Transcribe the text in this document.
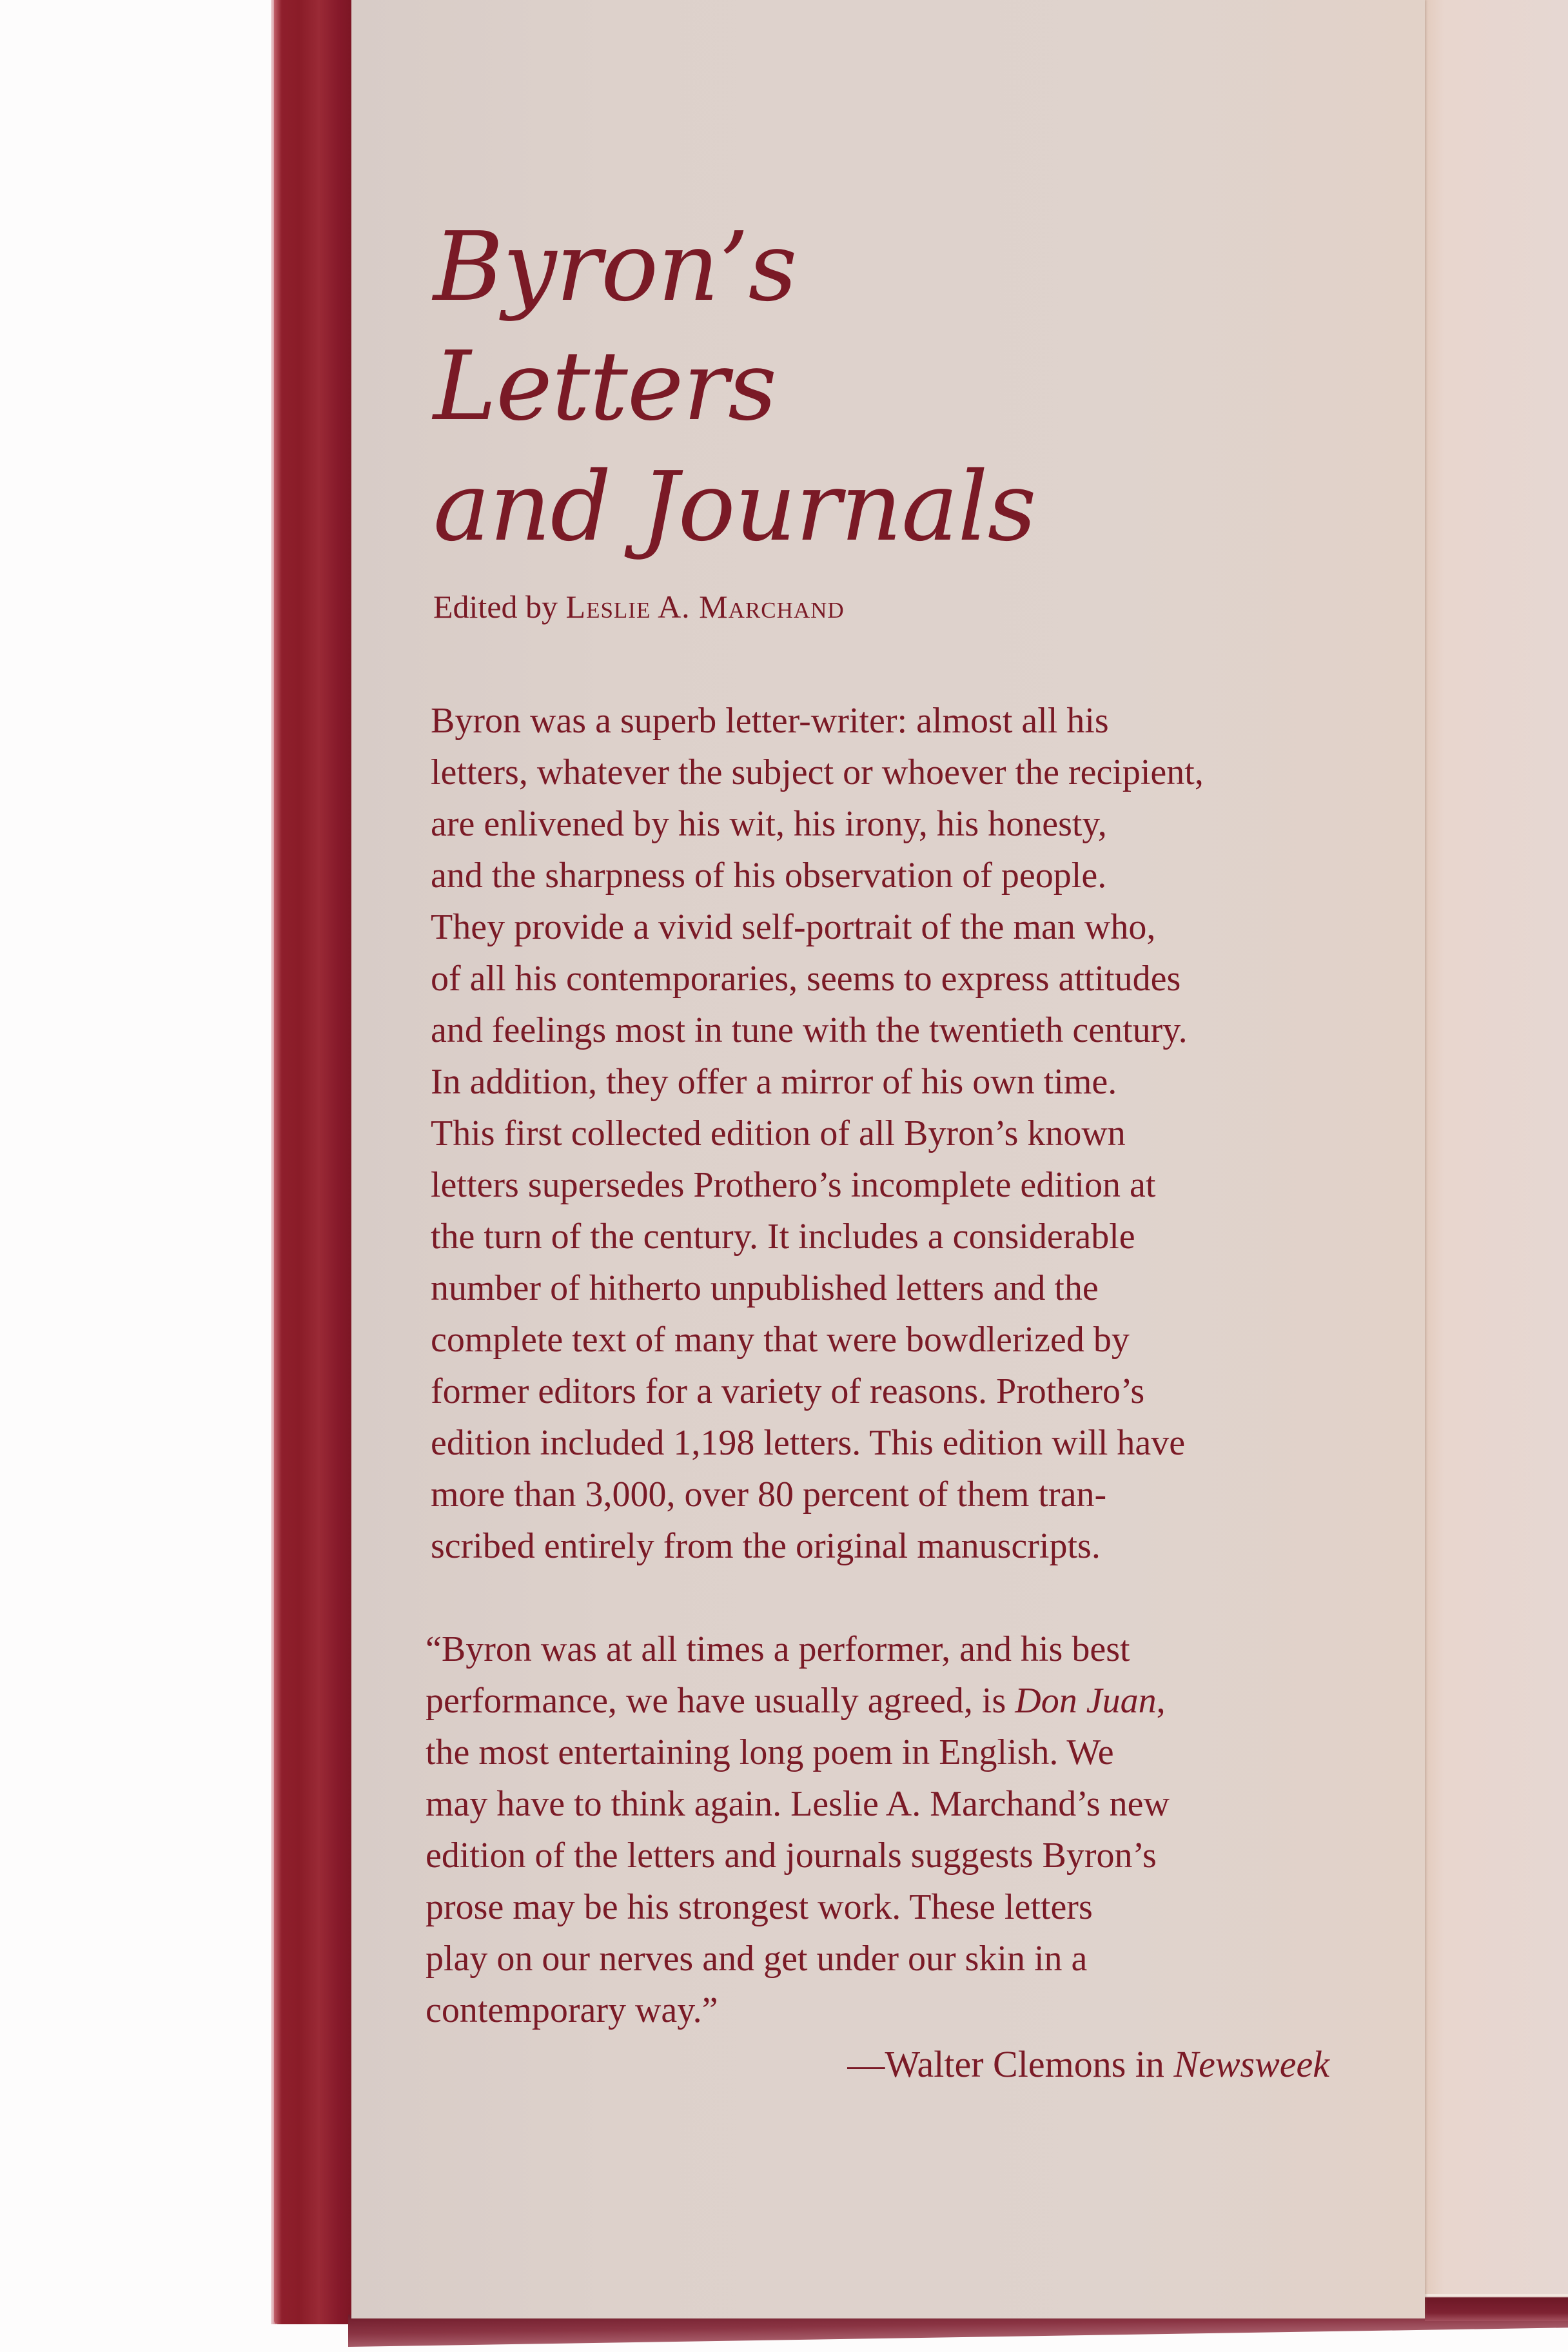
Byron’s
Letters
and Journals
Edited by Leslie A. Marchand
Byron was a superb letter-writer: almost all his
letters, whatever the subject or whoever the recipient,
are enlivened by his wit, his irony, his honesty,
and the sharpness of his observation of people.
They provide a vivid self-portrait of the man who,
of all his contemporaries, seems to express attitudes
and feelings most in tune with the twentieth century.
In addition, they offer a mirror of his own time.
This first collected edition of all Byron’s known
letters supersedes Prothero’s incomplete edition at
the turn of the century. It includes a considerable
number of hitherto unpublished letters and the
complete text of many that were bowdlerized by
former editors for a variety of reasons. Prothero’s
edition included 1,198 letters. This edition will have
more than 3,000, over 80 percent of them tran-
scribed entirely from the original manuscripts.
“Byron was at all times a performer, and his best
performance, we have usually agreed, is Don Juan,
the most entertaining long poem in English. We
may have to think again. Leslie A. Marchand’s new
edition of the letters and journals suggests Byron’s
prose may be his strongest work. These letters
play on our nerves and get under our skin in a
contemporary way.”
—Walter Clemons in Newsweek
